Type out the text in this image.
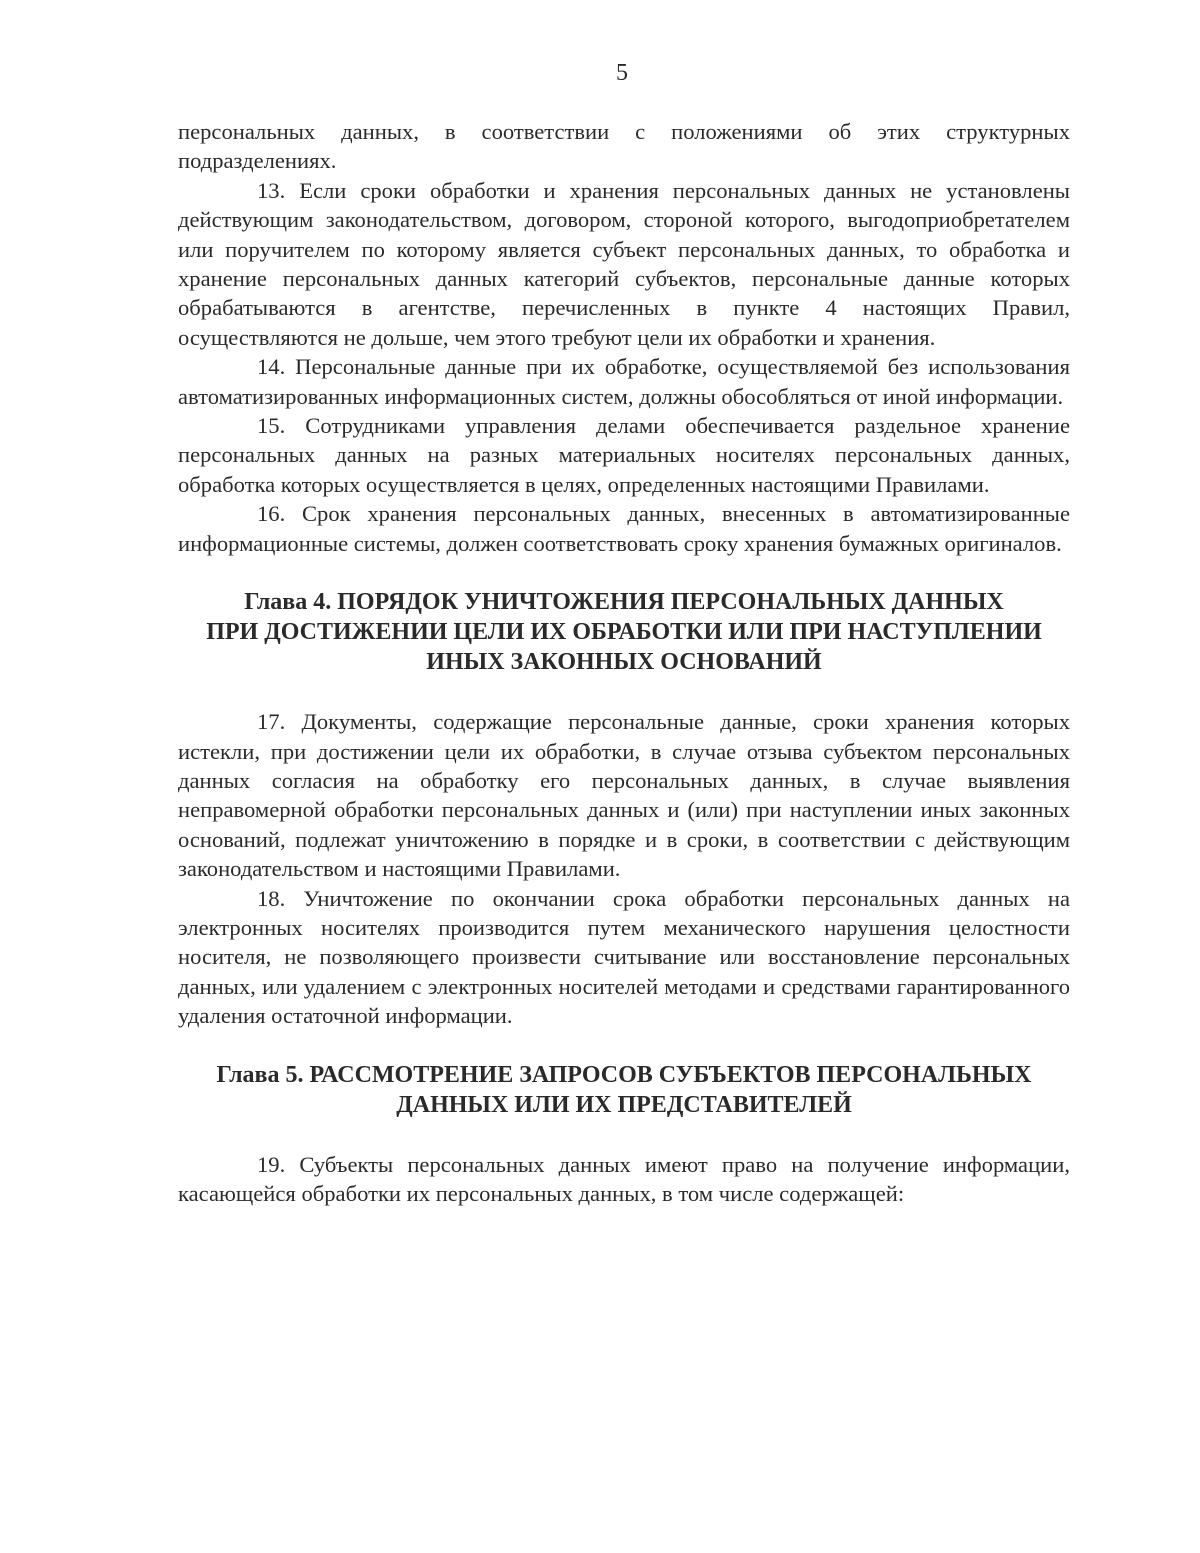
5

персональных данных, в соответствии с положениями об этих структурных подразделениях.

13. Если сроки обработки и хранения персональных данных не установлены действующим законодательством, договором, стороной которого, выгодоприобретателем или поручителем по которому является субъект персональных данных, то обработка и хранение персональных данных категорий субъектов, персональные данные которых обрабатываются в агентстве, перечисленных в пункте 4 настоящих Правил, осуществляются не дольше, чем этого требуют цели их обработки и хранения.

14. Персональные данные при их обработке, осуществляемой без использования автоматизированных информационных систем, должны обособляться от иной информации.

15. Сотрудниками управления делами обеспечивается раздельное хранение персональных данных на разных материальных носителях персональных данных, обработка которых осуществляется в целях, определенных настоящими Правилами.

16. Срок хранения персональных данных, внесенных в автоматизированные информационные системы, должен соответствовать сроку хранения бумажных оригиналов.

Глава 4. ПОРЯДОК УНИЧТОЖЕНИЯ ПЕРСОНАЛЬНЫХ ДАННЫХ
ПРИ ДОСТИЖЕНИИ ЦЕЛИ ИХ ОБРАБОТКИ ИЛИ ПРИ НАСТУПЛЕНИИ
ИНЫХ ЗАКОННЫХ ОСНОВАНИЙ

17. Документы, содержащие персональные данные, сроки хранения которых истекли, при достижении цели их обработки, в случае отзыва субъектом персональных данных согласия на обработку его персональных данных, в случае выявления неправомерной обработки персональных данных и (или) при наступлении иных законных оснований, подлежат уничтожению в порядке и в сроки, в соответствии с действующим законодательством и настоящими Правилами.

18. Уничтожение по окончании срока обработки персональных данных на электронных носителях производится путем механического нарушения целостности носителя, не позволяющего произвести считывание или восстановление персональных данных, или удалением с электронных носителей методами и средствами гарантированного удаления остаточной информации.

Глава 5. РАССМОТРЕНИЕ ЗАПРОСОВ СУБЪЕКТОВ ПЕРСОНАЛЬНЫХ
ДАННЫХ ИЛИ ИХ ПРЕДСТАВИТЕЛЕЙ

19. Субъекты персональных данных имеют право на получение информации, касающейся обработки их персональных данных, в том числе содержащей:
